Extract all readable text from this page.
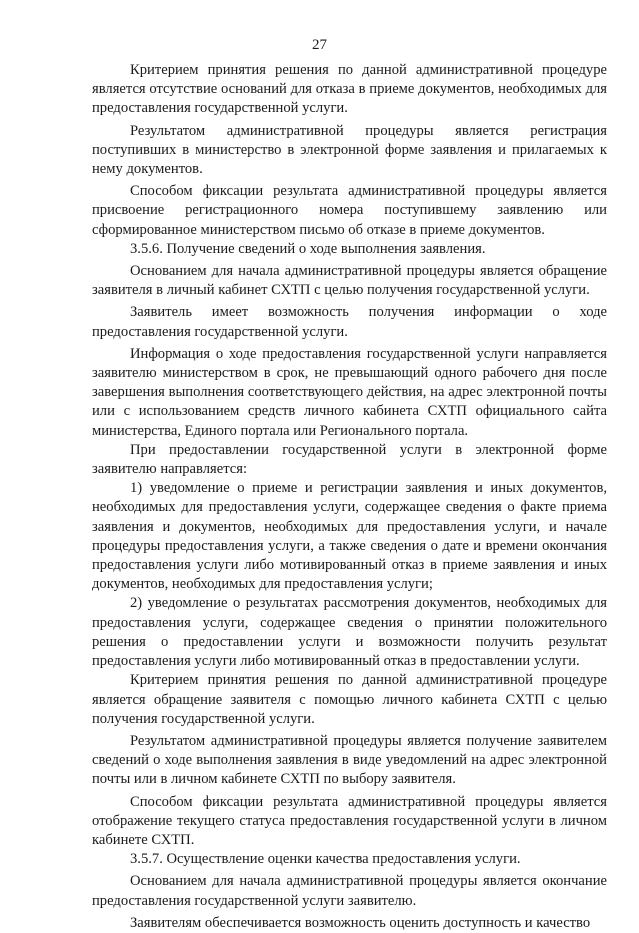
27

Критерием принятия решения по данной административной процедуре является отсутствие оснований для отказа в приеме документов, необходимых для предоставления государственной услуги.

Результатом административной процедуры является регистрация поступивших в министерство в электронной форме заявления и прилагаемых к нему документов.

Способом фиксации результата административной процедуры является присвоение регистрационного номера поступившему заявлению или сформированное министерством письмо об отказе в приеме документов.

3.5.6. Получение сведений о ходе выполнения заявления.

Основанием для начала административной процедуры является обращение заявителя в личный кабинет СХТП с целью получения государственной услуги.

Заявитель имеет возможность получения информации о ходе предоставления государственной услуги.

Информация о ходе предоставления государственной услуги направляется заявителю министерством в срок, не превышающий одного рабочего дня после завершения выполнения соответствующего действия, на адрес электронной почты или с использованием средств личного кабинета СХТП официального сайта министерства, Единого портала или Регионального портала.

При предоставлении государственной услуги в электронной форме заявителю направляется:

1) уведомление о приеме и регистрации заявления и иных документов, необходимых для предоставления услуги, содержащее сведения о факте приема заявления и документов, необходимых для предоставления услуги, и начале процедуры предоставления услуги, а также сведения о дате и времени окончания предоставления услуги либо мотивированный отказ в приеме заявления и иных документов, необходимых для предоставления услуги;

2) уведомление о результатах рассмотрения документов, необходимых для предоставления услуги, содержащее сведения о принятии положительного решения о предоставлении услуги и возможности получить результат предоставления услуги либо мотивированный отказ в предоставлении услуги.

Критерием принятия решения по данной административной процедуре является обращение заявителя с помощью личного кабинета СХТП с целью получения государственной услуги.

Результатом административной процедуры является получение заявителем сведений о ходе выполнения заявления в виде уведомлений на адрес электронной почты или в личном кабинете СХТП по выбору заявителя.

Способом фиксации результата административной процедуры является отображение текущего статуса предоставления государственной услуги в личном кабинете СХТП.

3.5.7. Осуществление оценки качества предоставления услуги.

Основанием для начала административной процедуры является окончание предоставления государственной услуги заявителю.

Заявителям обеспечивается возможность оценить доступность и качество
